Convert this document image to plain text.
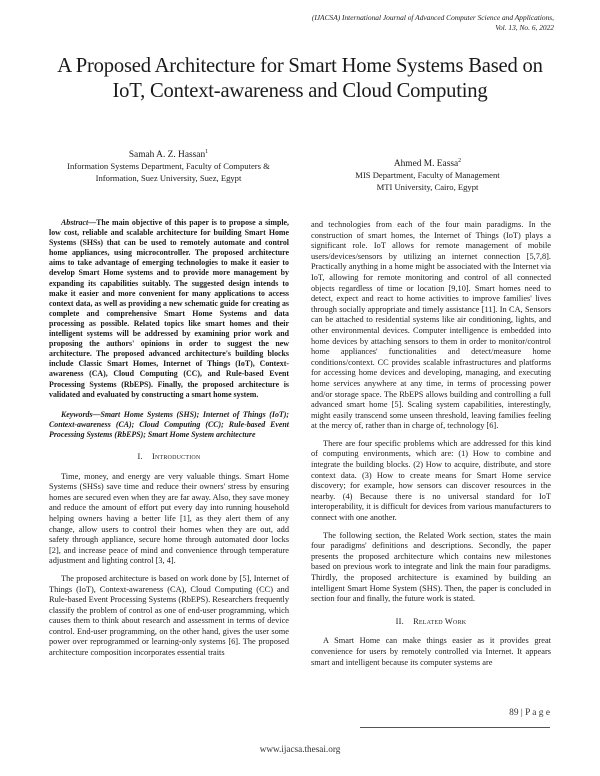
(IJACSA) International Journal of Advanced Computer Science and Applications,
Vol. 13, No. 6, 2022
A Proposed Architecture for Smart Home Systems Based on IoT, Context-awareness and Cloud Computing
Samah A. Z. Hassan$^1$
Information Systems Department, Faculty of Computers & Information, Suez University, Suez, Egypt
Ahmed M. Eassa$^2$
MIS Department, Faculty of Management
MTI University, Cairo, Egypt

Abstract—The main objective of this paper is to propose a simple, low cost, reliable and scalable architecture for building Smart Home Systems (SHSs) that can be used to remotely automate and control home appliances, using microcontroller. The proposed architecture aims to take advantage of emerging technologies to make it easier to develop Smart Home systems and to provide more management by expanding its capabilities suitably. The suggested design intends to make it easier and more convenient for many applications to access context data, as well as providing a new schematic guide for creating as complete and comprehensive Smart Home Systems and data processing as possible. Related topics like smart homes and their intelligent systems will be addressed by examining prior work and proposing the authors' opinions in order to suggest the new architecture. The proposed advanced architecture's building blocks include Classic Smart Homes, Internet of Things (IoT), Context-awareness (CA), Cloud Computing (CC), and Rule-based Event Processing Systems (RbEPS). Finally, the proposed architecture is validated and evaluated by constructing a smart home system.

Keywords—Smart Home Systems (SHS); Internet of Things (IoT); Context-awareness (CA); Cloud Computing (CC); Rule-based Event Processing Systems (RbEPS); Smart Home System architecture

I. Introduction

Time, money, and energy are very valuable things. Smart Home Systems (SHSs) save time and reduce their owners' stress by ensuring homes are secured even when they are far away. Also, they save money and reduce the amount of effort put every day into running household helping owners having a better life [1], as they alert them of any change, allow users to control their homes when they are out, add safety through appliance, secure home through automated door locks [2], and increase peace of mind and convenience through temperature adjustment and lighting control [3, 4].

The proposed architecture is based on work done by [5], Internet of Things (IoT), Context-awareness (CA), Cloud Computing (CC) and Rule-based Event Processing Systems (RbEPS). Researchers frequently classify the problem of control as one of end-user programming, which causes them to think about research and assessment in terms of device control. End-user programming, on the other hand, gives the user some power over reprogrammed or learning-only systems [6]. The proposed architecture composition incorporates essential traits

and technologies from each of the four main paradigms. In the construction of smart homes, the Internet of Things (IoT) plays a significant role. IoT allows for remote management of mobile users/devices/sensors by utilizing an internet connection [5,7,8]. Practically anything in a home might be associated with the Internet via IoT, allowing for remote monitoring and control of all connected objects regardless of time or location [9,10]. Smart homes need to detect, expect and react to home activities to improve families' lives through socially appropriate and timely assistance [11]. In CA, Sensors can be attached to residential systems like air conditioning, lights, and other environmental devices. Computer intelligence is embedded into home devices by attaching sensors to them in order to monitor/control home appliances' functionalities and detect/measure home conditions/context. CC provides scalable infrastructures and platforms for accessing home devices and developing, managing, and executing home services anywhere at any time, in terms of processing power and/or storage space. The RbEPS allows building and controlling a full advanced smart home [5]. Scaling system capabilities, interestingly, might easily transcend some unseen threshold, leaving families feeling at the mercy of, rather than in charge of, technology [6].

There are four specific problems which are addressed for this kind of computing environments, which are: (1) How to combine and integrate the building blocks. (2) How to acquire, distribute, and store context data. (3) How to create means for Smart Home service discovery; for example, how sensors can discover resources in the nearby. (4) Because there is no universal standard for IoT interoperability, it is difficult for devices from various manufacturers to connect with one another.

The following section, the Related Work section, states the main four paradigms' definitions and descriptions. Secondly, the paper presents the proposed architecture which contains new milestones based on previous work to integrate and link the main four paradigms. Thirdly, the proposed architecture is examined by building an intelligent Smart Home System (SHS). Then, the paper is concluded in section four and finally, the future work is stated.

II. Related Work

A Smart Home can make things easier as it provides great convenience for users by remotely controlled via Internet. It appears smart and intelligent because its computer systems are

89 | P a g e
www.ijacsa.thesai.org
